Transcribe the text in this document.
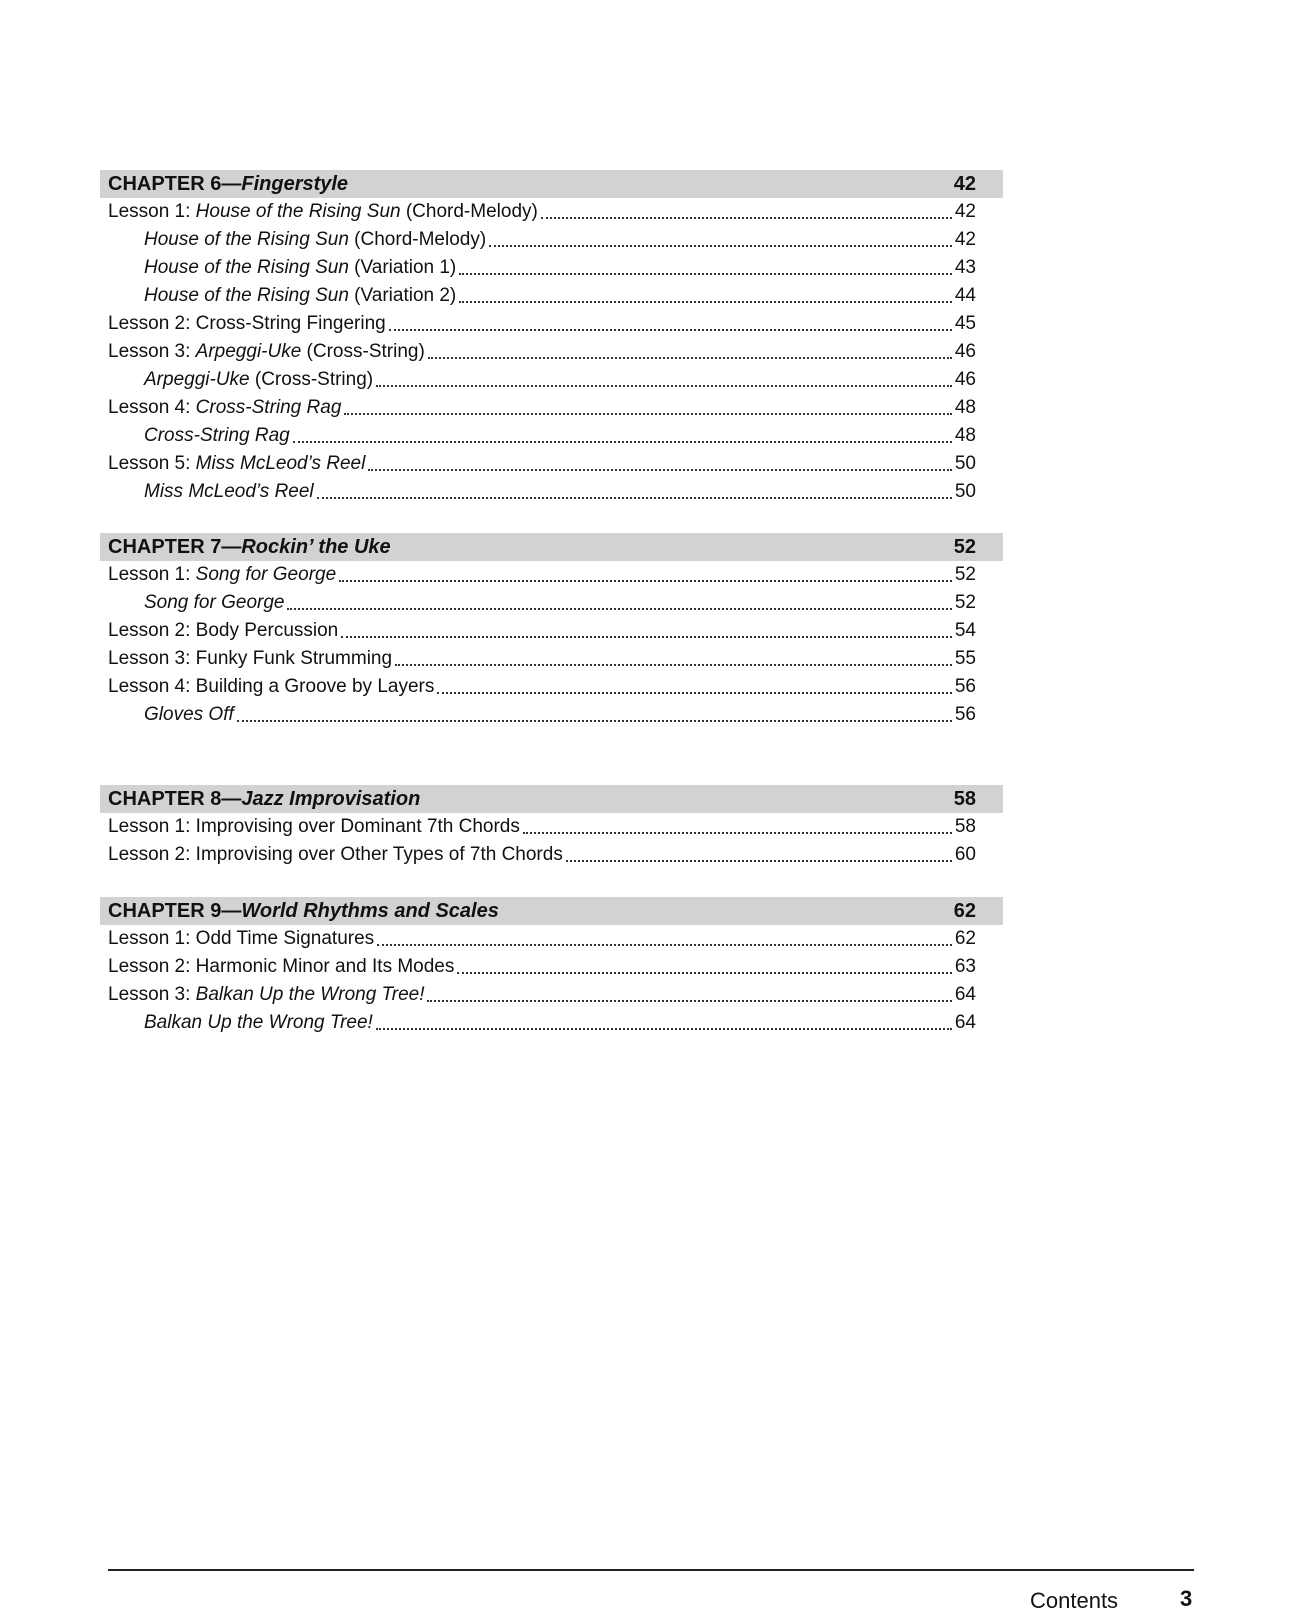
CHAPTER 6—Fingerstyle	42
Lesson 1: House of the Rising Sun (Chord-Melody)	42
House of the Rising Sun (Chord-Melody)	42
House of the Rising Sun (Variation 1)	43
House of the Rising Sun (Variation 2)	44
Lesson 2: Cross-String Fingering	45
Lesson 3: Arpeggi-Uke (Cross-String)	46
Arpeggi-Uke (Cross-String)	46
Lesson 4: Cross-String Rag	48
Cross-String Rag	48
Lesson 5: Miss McLeod’s Reel	50
Miss McLeod’s Reel	50
CHAPTER 7—Rockin’ the Uke	52
Lesson 1: Song for George	52
Song for George	52
Lesson 2: Body Percussion	54
Lesson 3: Funky Funk Strumming	55
Lesson 4: Building a Groove by Layers	56
Gloves Off	56
CHAPTER 8—Jazz Improvisation	58
Lesson 1: Improvising over Dominant 7th Chords	58
Lesson 2: Improvising over Other Types of 7th Chords	60
CHAPTER 9—World Rhythms and Scales	62
Lesson 1: Odd Time Signatures	62
Lesson 2: Harmonic Minor and Its Modes	63
Lesson 3: Balkan Up the Wrong Tree!	64
Balkan Up the Wrong Tree!	64
Contents	3
